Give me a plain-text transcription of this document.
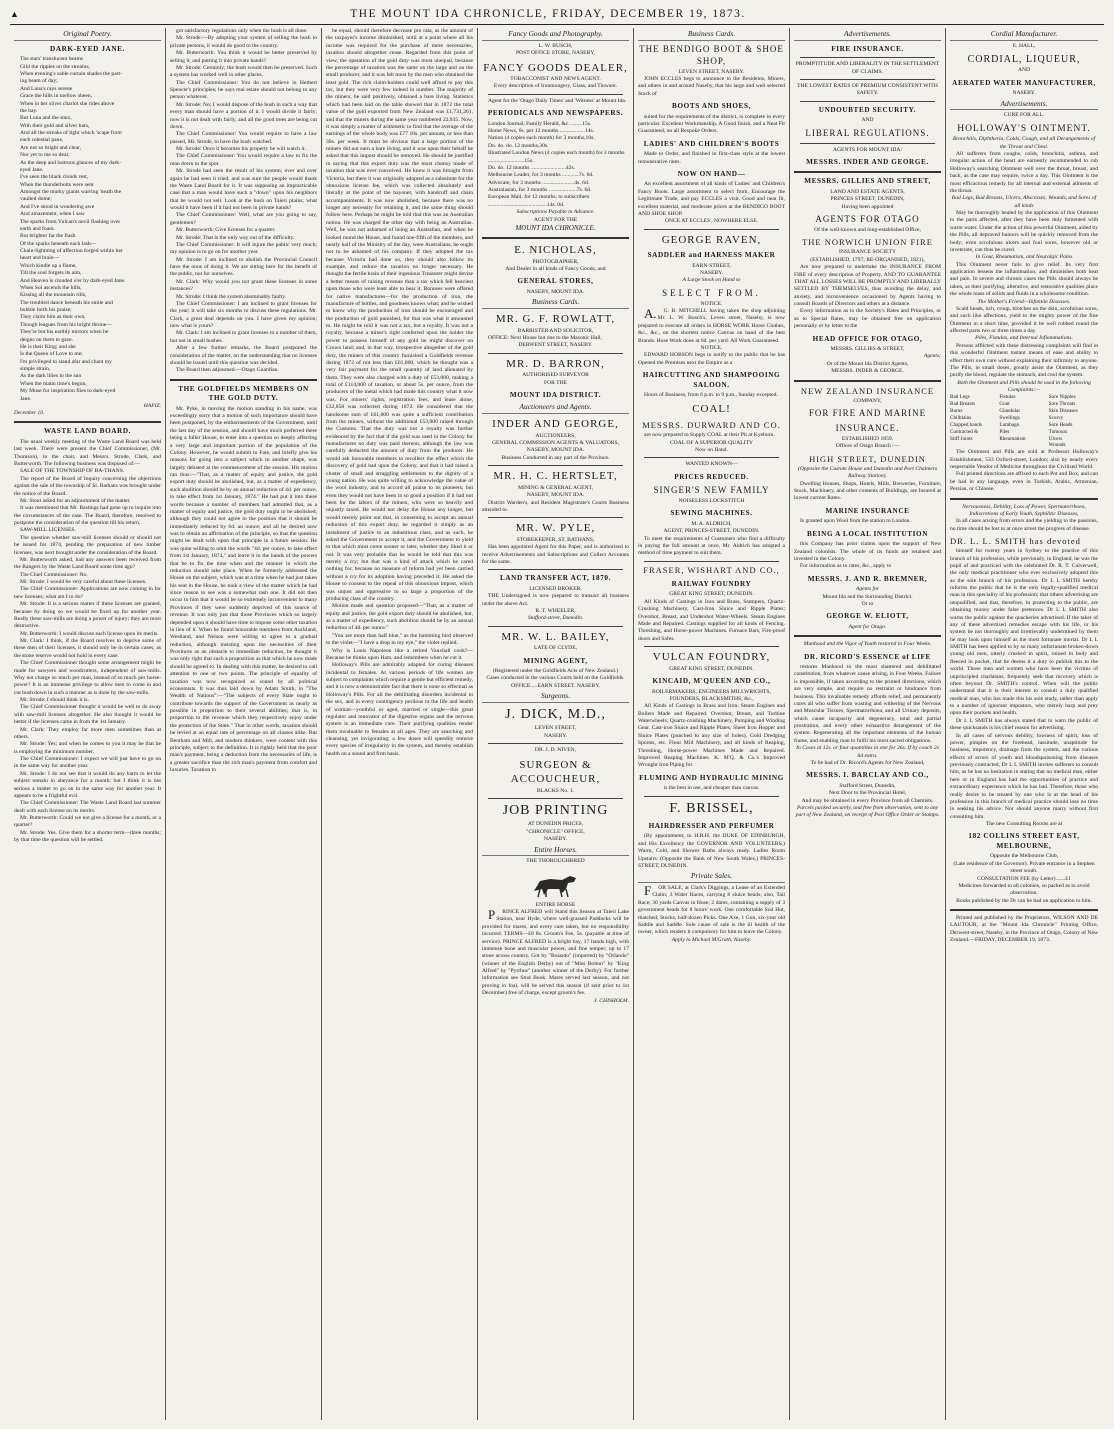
▲	THE MOUNT IDA CHRONICLE, FRIDAY, DECEMBER 19, 1873.
Original Poetry.
DARK-EYED JANE.

The stars' translucent beams

Gild the ripples on the streams,

When evening's sable curtain shades the part-

ing beam of day;

And Luna's rays serene

Grace the hills in mellow sheen,

When in her silver chariot she rides above

the bay.

But Luna and the stars,

With their gold and silver bars,

And all the streaks of light which 'scape from

each celestial pane,

Are not so bright and clear,

Nor yet to me so dear,

As the deep and lustrous glances of my dark-

eyed Jane.

I've seen the black clouds rest,

When the thunderbolts were sent

Amongst the murky giants warring 'neath the

vaulted dome;

And I've stood in wondering awe

And amazement, when I saw

The sparks from Vulcan's anvil flashing over

earth and foam.

But brighter far the flash

Of the sparks beneath each lash—

Chain-lightning of affection forged within her

heart and brain—

Which kindle up a flame,

Till the soul forgets its aim,

And Heaven is clouded o'er by dark-eyed Jane.

When Sol ascends the hills,

Kissing all the mountain rills,

The troubled dance beneath his smile and

bubble forth his praise;

They claim him as their own,

Though leagues from his bright throne—

They're but his earthly mirrors when he

deigns on them to gaze.

He is their King; and she

Is the Queen of Love to me;

I'm privileged to stand afar and chant my

simple strain,

As the dark lilies to the sun

When the matin time's begun,

My Muse for inspiration flies to dark-eyed

Jane.

HAFIZ.
December 10.
WASTE LAND BOARD.

The usual weekly meeting of the Waste Land Board was held last week. There were present the Chief Commissioner, (Mr. Thomson), in the chair, and Messrs. Strode, Clark, and Butterworth. The following business was disposed of:—

SALE OF THE TOWNSHIP OF BA-THANS.

The report of the Board of Inquiry concerning the objections against the sale of the township of St. Bathans was brought under the notice of the Board.

Mr. Stout asked for an adjournment of the matter.

It was mentioned that Mr. Bastings had gone up to inquire into the circumstances of the case. The Board, therefore, resolved to postpone the consideration of the question till his return.

SAW-MILL LICENSES.

The question whether saw-mill licenses should or should not be issued for 1874, pending the preparation of new timber licenses, was next brought under the consideration of the Board.

Mr. Butterworth asked, had any answers been received from the Rangers by the Waste Land Board some time ago?

The Chief Commissioner: No.

Mr. Strode: I would be very careful about these licenses.

The Chief Commissioner: Applications are now coming in for new licenses; what am I to do?

Mr. Strode: It is a serious matter if these licenses are granted, because by doing so we would be fixed up for another year. Really these saw-mills are doing a power of injury; they are most destructive.

Mr. Butterworth: I would discuss each license upon its merits.

Mr. Clark: I think, if the Board resolves to deprive some of these men of their licenses, it should only be in certain cases, as the stone reserve would not hold in every case.

The Chief Commissioner thought some arrangement might be made for sawyers and woodcutters, independent of saw-mills. Why not charge so much per man, instead of so much per horse-power? It is an immense privilege to allow men to come in and cut bush down in such a manner as is done by the saw-mills.

Mr. Strode: I should think it is.

The Chief Commissioner thought it would be well to do away with saw-mill licenses altogether. He also thought it would be better if the licenses came in from the 1st January.

Mr. Clark: They employ far more men sometimes than at others.

Mr. Strode: Yes; and when he comes to you it may be that he is employing the minimum number.

The Chief Commissioner: I expect we will just have to go on in the same way for another year.

Mr. Strode: I do not see that it would do any harm to let the subject remain in abeyance for a month; but I think it is not serious a matter to go on in the same way for another year. It appears to be a frightful evil.

The Chief Commissioner: The Waste Land Board last summer dealt with each license on its merits.

Mr. Butterworth: Could we not give a license for a month, or a quarter?

Mr. Strode: Yes. Give them for a shorter term—three months; by that time the question will be settled.

got satisfactory regulations only when the bush is all done.

Mr. Strode:—By adopting your system of selling the bush to private persons, it would do good to the country.

Mr. Butterworth: You think it would be better preserved by selling it, and putting it into private hands?

Mr. Strode: Certainly; the bush would then be preserved. Such a system has worked well in other places.

The Chief Commissioner: You do not believe in Herbert Spencer's principles; he says real estate should not belong to any person whatever.

Mr. Strode: No; I would dispose of the bush in such a way that every man should have a portion of it. I would divide it fairly; now it is not dealt with fairly, and all the good trees are being cut down.

The Chief Commissioner: You would require to have a law passed, Mr. Strode, to have the bush watched.

Mr. Strode: Once it becomes his property he will watch it.

The Chief Commissioner: You would require a law to fix the man down to the spot.

Mr. Strode had seen the result of his system; over and over again he had seen it tried, and was sure the people would thank the Waste Land Board for it. It was supposing an impracticable case that a man would have such a "down" upon his neighbors that he would not sell. Look at the bush on Taieri plains; what would it have been if it had not been in private hands?

The Chief Commissioner: Well, what are you going to say, gentlemen?

Mr. Butterworth: Give licenses for a quarter.

Mr. Strode: That is the only way out of the difficulty.

The Chief Commissioner: It will injure the public very much; my opinion is to go on for another year.

Mr. Strode: I am inclined to abolish the Provincial Council have the onus of doing it. We are sitting here for the benefit of the public, not for ourselves.

Mr. Clark: Why would you not grant these licenses in some instances?

Mr. Strode: I think the system abominably faulty.

The Chief Commissioner: I am inclined to grant licenses for the year; it will take six months to discuss these regulations. Mr. Clark, a great deal depends on you. I have given my opinion; now what is yours?

Mr. Clark: I am inclined to grant licenses to a number of them, but not in small bushes.

After a few further remarks, the Board postponed the consideration of the matter, on the understanding that no licenses should be issued until this question was decided.

The Board then adjourned.—Otago Guardian.

THE GOLDFIELDS MEMBERS ON THE GOLD DUTY.

Mr. Pyke, in moving the motion standing in his name, was exceedingly sorry that a motion of such importance should have been postponed, by the embarrassments of the Government, until the last day of the session, and should have much preferred there being a fuller House, to enter into a question so deeply affecting a very large and important portion of the population of the Colony. However, he would submit to Fate, and briefly give his reasons for going into a subject which in another shape, was largely debated at the commencement of the session. His motion ran thus:—"That, as a matter of equity and justice, the gold export duty should be abolished, but, as a matter of expediency, such abolition should be by an annual reduction of 4d. per ounce, to take effect from 1st January, 1874." He had put it into these words because a number of members had admitted that, as a matter of equity and justice, the gold duty ought to be abolished, although they could not agree to the position that it should be immediately reduced by 6d. an ounce; and all he desired now was to obtain an affirmation of the principle, so that the question might be dealt with upon that principle in a future session. He was quite willing to omit the words "4d. per ounce, to take effect from 1st January, 1874," and leave it in the hands of the powers that be to fix the time when and the manner in which the reduction should take place. When he formerly addressed the House on the subject, which was at a time when he had just taken his seat in the House, he took a view of the matter which he had since reason to see was a somewhat rash one. It did not then occur to him that it would be so extremely inconvenient to many Provinces if they were suddenly deprived of this source of revenue. It was only just that those Provinces which so largely depended upon it should have time to impose some other taxation in lieu of it. When he found honorable members from Auckland, Westland, and Nelson were willing to agree to a gradual reduction, although insisting upon the necessities of their Provinces as an obstacle to immediate reduction, he thought it was only right that such a proposition as that which he now made should be agreed to. In dealing with this matter, he desired to call attention to one or two points. The principle of equality of taxation was now recognized as sound by all political economists. It was thus laid down by Adam Smith, in "The Wealth of Nations":—"The subjects of every State ought to contribute towards the support of the Government as nearly as possible in proportion to their several abilities; that is, in proportion to the revenue which they respectively enjoy under the protection of the State." That in other words, taxation should be levied at an equal rate of percentage on all classes alike. But Bentham and Mill, and modern thinkers, were content with this principle, subject to the definition. It is rightly held that the poor man's payment, being a deduction from the necessaries of life, is a greater sacrifice than the rich man's payment from comfort and luxuries. Taxation to

be equal, should therefore decrease pro rata, as the amount of the taxpayer's income diminished, until at a point where all his income was required for the purchase of mere necessaries, taxation should altogether cease. Regarded from this point of view, the operation of the gold duty was most unequal, because the percentage of taxation was the same on the large and on the small producer, and it was felt most by the men who obtained the least gold. The rich claim-holders could well afford to pay this tax, but they were very few indeed in number. The majority of the miners, he said positively, obtained a bare living. Statistics which had been laid on the table showed that in 1872 the total value of the gold exported from New Zealand was £1,731,261, and that the miners during the same year numbered 22,935. Now, it was simply a matter of arithmetic to find that the average of the earnings of the whole body was £77 10s. per annum, or less than 30s. per week. It must be obvious that a large portion of the miners did not earn a bare living, and it was upon their behalf he asked that this impost should be removed. He should be justified in saying that this export duty was the most clumsy mode of taxation that was ever conceived. He knew it was brought from Victoria, but there it was originally adopted as a substitute for the obnoxious license fee, which was collected absolutely and literally at the point of the bayonet, with handcuff and chain accompaniments. It was now abolished, because there was no longer any necessity for retaining it, and the same thing should follow here. Perhaps he might be told that this was an Australian notion. He was charged the other day with being an Australian. Well, he was not ashamed of being an Australian, and when he looked round the House, and found one-fifth of the members, and nearly half of the Ministry of the day, were Australians, he ought not to be ashamed of his company. If they adopted the tax because Victoria had done so, they should also follow its example, and reduce the taxation no longer necessary. He thought the fertile brain of their ingenious Treasurer might devise a better means of raising revenue than a tax which fell heaviest upon those who were least able to bear it. Bonuses were offered for native manufactures—for the production of iron, the manufacture of bottles, and goodness knows what; and he wished to know why the production of iron should be encouraged and the production of gold punished, for that was what it amounted to. He might be told it was not a tax, but a royalty. It was not a royalty, because a miner's right conferred upon the holder the power to possess himself of any gold he might discover on Crown land; and, in that way, irrespective altogether of the gold duty, the miners of this country furnished a Goldfields revenue during 1872 of not less than £61,000, which he thought was a very fair payment for the small quantity of land alienated by them. They were also charged with a duty of £53,000, making a total of £114,000 of taxation, or about 5s. per ounce, from the producers of the metal which had made this country what it now was. For miners' rights, registration fees, and lease alone, £32,858 was collected during 1872. He considered that the handsome sum of £61,000 was quite a sufficient contribution from the miners, without the additional £53,000 raised through the Customs. That the duty was not a royalty was further evidenced by the fact that if the gold was used in the Colony for manufactures no duty was paid thereon, although the law was carefully deducted the amount of duty from the producer. He would ask honorable members to recollect the effect which the discovery of gold had upon the Colony, and that it had raised a cluster of small and struggling settlements to the dignity of a young nation. He was quite willing to acknowledge the value of the wool industry, and to accord all praise to its pioneers; but even they would not have been in so good a position if it had not been for the labors of the miners, who were so heavily and unjustly taxed. He would not delay the House any longer, but would merely point out that, in consenting to accept an annual reduction of this export duty, he regarded it simply as an instalment of justice to an industrious class, and as such, he asked the Government to accept it, and the Government to yield to that which must come sooner or later, whether they liked it or not. It was very probable that he would be told that this was merely a cry; but that was a kind of attack which he cared nothing for, because no measure of reform had yet been carried without a cry for its adoption having preceded it. He asked the House to consent to the repeal of this obnoxious impost, which was unjust and oppressive to so large a proportion of the producing class of the country.

Motion made and question proposed—"That, as a matter of equity and justice, the gold export duty should be abolished, but, as a matter of expediency, such abolition should be by an annual reduction of 4d. per ounce."

"You are more than half blue," as the humming bird observed to the violet—"I have a drop in my eye," the violet replied.

Why is Louis Napoleon like a retired Vauxhall cook?—Because he thinks upon Ham, and remembers when he cut it.

Holloway's Pills are admirably adapted for curing diseases incidental to females. At various periods of life women are subject to complaints which require a gentle but efficient remedy, and it is now a demonstrable fact that there is none so effectual as Holloway's Pills. For all the debilitating disorders incidental to the sex, and in every contingency perilous to the life and health of woman—youthful or aged, married or single—this great regulator and renovator of the digestive organs and the nervous system is an immediate cure. Their purifying qualities render them invaluable to females at all ages. They are searching and cleansing, yet invigorating; a few doses will speedily remove every species of irregularity in the system, and thereby establish health on a sound and firm basis.

Fancy Goods and Photography.
L. W. BUSCH,
POST OFFICE STORE, NASEBY,
FANCY GOODS DEALER,
TOBACCONIST AND NEWS AGENT.
Every description of Ironmongery, Glass, and Tinware.
Agent for the 'Otago Daily Times' and 'Witness' at Mount Ida.
PERIODICALS AND NEWSPAPERS.

London Journal, Family Herald, &c. ........15s.

Home News, 6s. per 12 months ..................14s.

Nation (4 copies each month) for 3 months,10s.

Do. do. do. 12 months,30s.

Illustrated London News (4 copies each month) for 3 months ..........................15s.

Do. do. 12 months .........................42s.

Melbourne Leader, for 3 months ............7s. 6d.

Advocate, for 3 months .......................4s. 6d.

Australasian, for 3 months ....................7s. 6d.

European Mail, for 12 months, to subscribers ..........................................14s. 0d.

Subscriptions Payable in Advance.
AGENT FOR THE
MOUNT IDA CHRONICLE.
E. NICHOLAS,
PHOTOGRAPHER,
And Dealer in all kinds of Fancy Goods, and
GENERAL STORES,
NASEBY, MOUNT IDA.
Business Cards.
MR. G. F. ROWLATT,
BARRISTER AND SOLICITOR,
OFFICE: Next House but one to the Masonic Hall,
DERWENT STREET, NASEBY.
MR. D. BARRON,
AUTHORISED SURVEYOR
FOR THE
MOUNT IDA DISTRICT.
Auctioneers and Agents.
INDER AND GEORGE,
AUCTIONEERS,
GENERAL COMMISSION AGENTS & VALUATORS,
NASEBY, MOUNT IDA.
Business Conducted in any part of the Province.
MR. H. C. HERTSLET,
MINING & GENERAL AGENT,
NASEBY, MOUNT IDA.
District Warden's, and Resident Magistrate's Courts Business attended to.
MR. W. PYLE,
STOREKEEPER, ST. BATHANS,
Has been appointed Agent for this Paper, and is authorised to receive Advertisements and Subscriptions and Collect Accounts for the same.
LAND TRANSFER ACT, 1870.
LICENSED BROKER.
THE Undersigned is now prepared to transact all business under the above Act.
R. T. WHEELER,
Stafford-street, Dunedin.
MR. W. L. BAILEY,
LATE OF CLYDE,
MINING AGENT,
(Registered under the Goldfields Acts of New Zealand.)
Cases conducted in the various Courts held on the Goldfields.
OFFICE.....EARN STREET. NASEBY.
Surgeons.
J. DICK, M.D.,
LEVEN STREET,
NASEBY.
DR. J. D. NIVEN,
SURGEON & ACCOUCHEUR,
BLACKS No. 1.
JOB PRINTING
AT DUNEDIN PRICES,
"CHRONICLE" OFFICE,
NASEBY.
Entire Horses.
THE THOROUGHBRED
ENTIRE HORSE
PRINCE ALFRED will Stand this Season at Taieri Lake Station, near Hyde, where well-grassed Paddocks will be provided for mares, and every care taken, but no responsibility incurred. TERMS—£8 8s. Groom's Fee, 5s. (payable at time of service). PRINCE ALFRED is a bright bay, 17 hands high, with immense bone and muscular power, and fine temper; up to 17 stone across country. Got by "Boiardo" (imported) by "Orlando" (winner of the English Derby) out of "Miss Bolton" by "King Alfred" by "Pyrrhus" (another winner of the Derby). For further information see Stud Book. Mares served last season, and not proving in foal, will be served this season (if sent prior to 1st December) free of charge, except groom's fee.
J. CHISHOLM.
Business Cards.
THE BENDIGO BOOT & SHOE SHOP,
LEVEN STREET, NASEBY.
JOHN ECCLES begs to announce to the Residents, Miners, and others in and around Naseby, that his large and well selected Stock of
BOOTS AND SHOES,
suited for the requirements of the district, is complete in every particular. Excellent Workmanship, A Good finish, and a Neat Fit Guaranteed, on all Bespoke Orders.
LADIES' AND CHILDREN'S BOOTS
Made to Order, and finished in first-class style at the lowest remunerative rates.
NOW ON HAND—
An excellent assortment of all kinds of Ladies' and Children's Fancy Boots. Large assortment to select from. Encourage the Legitimate Trade, and pay ECCLES a visit. Good and neat fit, excellent material, and moderate prices at the BENDIGO BOOT AND SHOE SHOP.
ONCE AT ECCLES', NOWHERE ELSE.
GEORGE RAVEN,
SADDLER and HARNESS MAKER
EARN-STREET,
NASEBY.
A Large Stock on Hand to
SELECT FROM.
NOTICE.
A.G. B. MITCHELL having taken the shop adjoining Mr. L. W. Busch's, Leven street, Naseby, is now prepared to execute all orders in HORSE WORK Horse Clothes, &c., &c., on the shortest notice Canvas on hand of the best Brands. Hose Work done at 6d. per yard. All Work Guaranteed.
NOTICE.
EDWARD HOBSON begs to notify to the public that he has Opened the Premises next the Empire as a
HAIRCUTTING AND SHAMPOOING SALOON.
Hours of Business, from 6 p.m. to 9 p.m., Sunday excepted.
COAL!
MESSRS. DURWARD AND CO.
are now prepared to Supply COAL at their Pit at Kyeburn.
COAL OF A SUPERIOR QUALITY
Now on Hand.
WANTED KNOWN—
PRICES REDUCED.
SINGER'S NEW FAMILY
NOISELESS LOCKSTITCH
SEWING MACHINES.
M. A. ALDRICH,
AGENT, PRINCES-STREET, DUNEDIN.
To meet the requirements of Customers who find a difficulty in paying the full amount at once, Mr. Aldrich has adopted a method of time payment to suit them.
FRASER, WISHART AND CO.,
RAILWAY FOUNDRY
GREAT KING STREET, DUNEDIN.
All Kinds of Castings in Iron and Brass, Stampers, Quartz-Crushing Machinery, Cast-Iron Sluice and Ripple Plates; Overshot, Breast, and Undershot Water-Wheels. Steam Engines Made and Repaired. Castings supplied for all kinds of Fencing. Threshing, and Horse-power Machines. Furnace Bars, Fire-proof doors and Safes.
VULCAN FOUNDRY,
GREAT KING STREET, DUNEDIN.
KINCAID, M'QUEEN AND CO.,
BOILERMAKERS, ENGINEERS MILLWRIGHTS, FOUNDERS, BLACKSMITHS, &c.,
All Kinds of Castings in Brass and Iron. Steam Engines and Boilers Made and Repaired. Overshot, Breast, and Turbine Waterwheels; Quartz-crushing Machinery, Pumping and Winding Gear. Cast-iron Sluice and Ripple Plates, Sheet Iron Hopper and Sluice Plates (punched to any size of holes), Gold Dredging Spoons, etc. Flour Mill Machinery, and all kinds of Reaping, Threshing, Horse-power Machines Made and Repaired. Improved Reaping Machines. K. M'Q. & Co.'s Improved Wrought Iron Piping for
FLUMING AND HYDRAULIC MINING
is the best in use, and cheaper than canvas.
F. BRISSEL,
HAIRDRESSER AND PERFUMER
(By appointment, to H.R.H. the DUKE OF EDINBURGH, and His Excellency the GOVERNOR AND VOLUNTEERS.) Warm, Cold, and Shower Baths always ready. Ladies Room Upstairs. (Opposite the Bank of New South Wales,) PRINCES-STREET, DUNEDIN.
Private Sales.
FOR SALE, at Clark's Diggings, a Lease of an Extended Claim; 3 Water Races, carrying 8 sluice heads; also, Tail Race; 30 yards Canvas in Hose; 2 dams, containing a supply of 3 government heads for 8 hours' work. One comfortable Sod Hut, thatched; Stocks, half-dozen Picks. One Axe, 1 Gun, six-year old Saddle and Saddle. Sole cause of sale is the ill health of the owner, which renders it compulsory for him to leave the Colony.
Apply to Michael M'Grath, Naseby.
Advertisements.
FIRE INSURANCE.
PROMPTITUDE AND LIBERALITY IN THE SETTLEMENT OF CLAIMS.
THE LOWEST RATES OF PREMIUM CONSISTENT WITH SAFETY.
UNDOUBTED SECURITY.
AND
LIBERAL REGULATIONS.
AGENTS FOR MOUNT IDA:
MESSRS. INDER AND GEORGE.
MESSRS. GILLIES AND STREET,
LAND AND ESTATE AGENTS,
PRINCES STREET, DUNEDIN,
Having been appointed
AGENTS FOR OTAGO
Of the well-known and long-established Office,
THE NORWICH UNION FIRE
INSURANCE SOCIETY
(ESTABLISHED, 1797; RE-ORGANISED, 1821),
Are now prepared to undertake the INSURANCE FROM FIRE of every description of Property, AND TO GUARANTEE THAT ALL LOSSES WILL BE PROMPTLY AND LIBERALLY SETTLED BY THEMSELVES, thus avoiding the delay, and anxiety, and inconvenience occasioned by Agents having to consult Boards of Directors and others at a distance.
Every information as to the Society's Rates and Principles, or as to Special Rates, may be obtained free on application personally or by letter to the
HEAD OFFICE FOR OTAGO,
MESSRS. GILLIES & STREET,
Agents;
Or of the Mount Ida District Agents,
MESSRS. INDER & GEORGE.
NEW ZEALAND INSURANCE
COMPANY,
FOR FIRE AND MARINE
INSURANCE.
ESTABLISHED 1859.
Offices of Otago Branch :—
HIGH STREET, DUNEDIN
(Opposite the Custom House and Dunedin and Port Chalmers Railway Station).
Dwelling Houses, Shops, Hotels, Mills, Breweries, Furniture, Stock, Machinery, and other contents of Buildings, are Insured at lowest current Rates.
MARINE INSURANCE
Is granted upon Wool from the station to London.
BEING A LOCAL INSTITUTION
this Company has prior claims upon the support of New Zealand colonists. The whole of its funds are retained and invested in the Colony.
For information as to rates, &c., apply to
MESSRS. J. AND R. BREMNER,
Agents for
Mount Ida and the Surrounding District.
Or to
GEORGE W. ELIOTT,
Agent for Otago.
Manhood and the Vigor of Youth restored in Four Weeks.
DR. RICORD'S ESSENCE of LIFE
restores Manhood to the most shattered and debilitated constitution, from whatever cause arising, in Four Weeks. Failure is impossible, if taken according to the printed directions, which are very simple, and require no restraint or hindrance from business. This invaluable remedy affords relief, and permanently cures all who suffer from wasting and withering of the Nervous and Muscular Tissues, Spermatorrhoea, and all Urinary deposits, which cause incapacity and degeneracy, total and partial prostration, and every other exhaustive derangement of the system. Regenerating all the important elements of the human frame, and enabling man to fulfil his most sacred obligations.
In Cases at 12s. or four quantities in one for 36s. If by coach 2s 6d extra.
To be had of Dr. Ricord's Agents for New Zealand,
MESSRS. I. BARCLAY AND CO.,
Stafford Street, Dunedin,
Next Door to the Provincial Hotel,
And may be obtained in every Province from all Chemists.
Parcels packed securely, and free from observation, sent to any part of New Zealand, on receipt of Post Office Order or Stamps.
Cordial Manufacturer.
E. HALL,
CORDIAL, LIQUEUR,
AND
AERATED WATER MANUFACTURER,
NASEBY.
Advertisements.
CURE FOR ALL.
HOLLOWAY'S OINTMENT.
Bronchitis, Diphtheria, Colds, Cough, and all Derangements of the Throat and Chest.
All sufferers from coughs, colds, bronchitis, asthma, and irregular action of the heart are earnestly recommended to rub Holloway's searching Ointment well over the throat, breast, and back, as the case may require, twice a day. This Ointment is the most efficacious remedy for all internal and external ailments of the throat.
Bad Legs, Bad Breasts, Ulcers, Abscesses, Wounds, and Sores of all kinds
May be thoroughly healed by the application of this Ointment to the parts affected, after they have been duly fomented with warm water. Under the action of this powerful Ointment, aided by the Pills, all depraved humors will be quickly removed from the body; even scrofulous ulcers and foul sores, however old or inveterate, can thus be cured.
In Gout, Rheumatism, and Neuralgic Pains
This Ointment never fails to give relief. Its very first application lessens the inflammation, and diminishes both heat and pain. In severe and chronic cases the Pills should always be taken, as their purifying, alterative, and restorative qualities place the whole mass of solids and fluids in a wholesome condition.
The Mother's Friend—Infantile Diseases.
Scald heads, itch, croup, blotches on the skin, scrofulous sores, and such like affections, yield to the mighty power of the fine Ointment in a short time, provided it be well rubbed round the affected parts two or three times a day.
Piles, Fistulas, and Internal Inflammations.
Persons afflicted with these distressing complaints will find in this wonderful Ointment instant means of ease and ability to effect their own cure without explaining their infirmity to anyone. The Pills, in small doses, greatly assist the Ointment, as they purify the blood, regulate the stomach, and cool the system.
Both the Ointment and Pills should be used in the following Complaints:—
Bad Legs	Fistulas	Sore Nipples
Bad Breasts	Gout	Sore Throats
Burns	Glandular	Skin Diseases
Chilblains	Swellings	Scurvy
Chapped hands	Lumbago	Sore Heads
Contracted &	Piles	Tumours
Stiff Joints	Rheumatism	Ulcers
Wounds
The Ointment and Pills are sold at Professor Holloway's Establishment, 533 Oxford-street, London; also by nearly every respectable Vendor of Medicine throughout the Civilised World.
Full printed directions are affixed to each Pot and Box, and can be had in any language, even in Turkish, Arabic, Armenian, Persian, or Chinese.
Nervousness, Debility, Loss of Power, Spermatorrhoea, Indiscretions of Early Youth, Syphilitic Diseases,
In all cases arising from errors and the yielding to the passions, no time should be lost to at once arrest the progress of disease.
DR. L. L. SMITH has devoted
himself for twenty years in Sydney to the practice of this branch of his profession, while previously, in England, he was the pupil of and practiced with the celebrated Dr. R. T. Culverwell, the only medical practitioner who ever exclusively adopted this as the sole branch of his profession. Dr L L SMITH hereby informs the public that he is the only legally-qualified medical man in this speciality of his profession; that others advertising are unqualified, and that, therefore, in protecting to the public, are obtaining money under false pretences. Dr L L SMITH also warns the public against the quackeries advertised. If the taker of any of these advertised remedies escape with his life, or his system be not thoroughly and irretrievably undermined by them he may look upon himself as the most fortunate mortal. Dr L L SMITH has been applied to by so many unfortunate broken-down young old men, utterly crushed in spirit, ruined in body and fleeced in pocket, that he deems it a duty to publish this to the world. Those men and women who have been the victims of unprincipled charlatans, frequently seek that recovery which is often beyond Dr. SMITH's control. When will the public understand that it is their interest to consult a duly qualified medical man, who has made this his sole study, rather than apply to a number of ignorant impostors, who merely harp and prey upon their pockets and health.
Dr L L SMITH has always stated that to warn the public of these quicksands is his chief reason for advertising.
In all cases of nervous debility, lowness of spirit, loss of power, pimples on the forehead, lassitude, unaptitude for business, impotency, drainage from the system, and the various effects of errors of youth and bloodspoisoning from diseases previously contracted, Dr L L SMITH invites sufferers to consult him, as he has no hesitation in stating that no medical man, either here or in England has had the opportunities of practice and extraordinary experience which he has had. Therefore, those who really desire to be treated by one who is at the head of his profession in this branch of medical practice should lose no time in seeking his advice. Nor should anyone marry without first consulting him.
The new Consulting Rooms are at
182 COLLINS STREET EAST, MELBOURNE,
Opposite the Melbourne Club,
(Late residence of the Governor). Private entrance in a Stephen street south.
CONSULTATION FEE (by Letter).......£1
Medicines forwarded to all colonies, so packed as to avoid observation.
Books published by the Dr can be had on application to him.
Printed and published by the Proprietors, WILSON AND DE LAUTOUR, at the "Mount Ida Chronicle" Printing Office, Derwent-street, Naseby, in the Province of Otago, Colony of New Zealand.—FRIDAY, DECEMBER 19, 1873.
